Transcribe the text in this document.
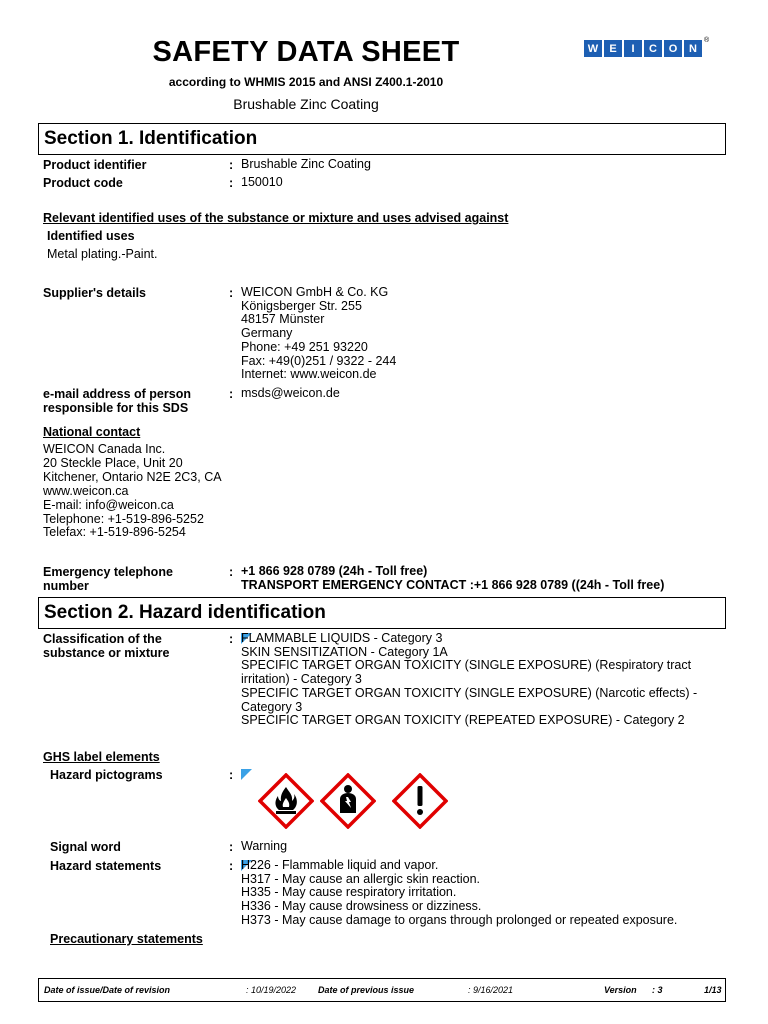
SAFETY DATA SHEET
according to WHMIS 2015 and ANSI Z400.1-2010
Brushable Zinc Coating
W	E	I	C	O	N
®
Section 1. Identification
Product identifier	: Brushable Zinc Coating
Product code	: 150010
Relevant identified uses of the substance or mixture and uses advised against
Identified uses
Metal plating.-Paint.
Supplier's details	: WEICON GmbH & Co. KG
Königsberger Str. 255
48157 Münster
Germany
Phone: +49 251 93220
Fax: +49(0)251 / 9322 - 244
Internet: www.weicon.de
e-mail address of person
responsible for this SDS
: msds@weicon.de
National contact
WEICON Canada Inc.
20 Steckle Place, Unit 20
Kitchener, Ontario N2E 2C3, CA
www.weicon.ca
E-mail: info@weicon.ca
Telephone: +1-519-896-5252
Telefax: +1-519-896-5254
Emergency telephone
number
: +1 866 928 0789 (24h - Toll free)
TRANSPORT EMERGENCY CONTACT :+1 866 928 0789 ((24h - Toll free)
Section 2. Hazard identification
Classification of the
substance or mixture
: FLAMMABLE LIQUIDS - Category 3
SKIN SENSITIZATION - Category 1A
SPECIFIC TARGET ORGAN TOXICITY (SINGLE EXPOSURE) (Respiratory tract
irritation) - Category 3
SPECIFIC TARGET ORGAN TOXICITY (SINGLE EXPOSURE) (Narcotic effects) -
Category 3
SPECIFIC TARGET ORGAN TOXICITY (REPEATED EXPOSURE) - Category 2
GHS label elements
Hazard pictograms	:
Signal word	: Warning
Hazard statements	: H226 - Flammable liquid and vapor.
H317 - May cause an allergic skin reaction.
H335 - May cause respiratory irritation.
H336 - May cause drowsiness or dizziness.
H373 - May cause damage to organs through prolonged or repeated exposure.
Precautionary statements
Date of issue/Date of revision	: 10/19/2022 Date of previous issue	: 9/16/2021	Version : 3	1/13
